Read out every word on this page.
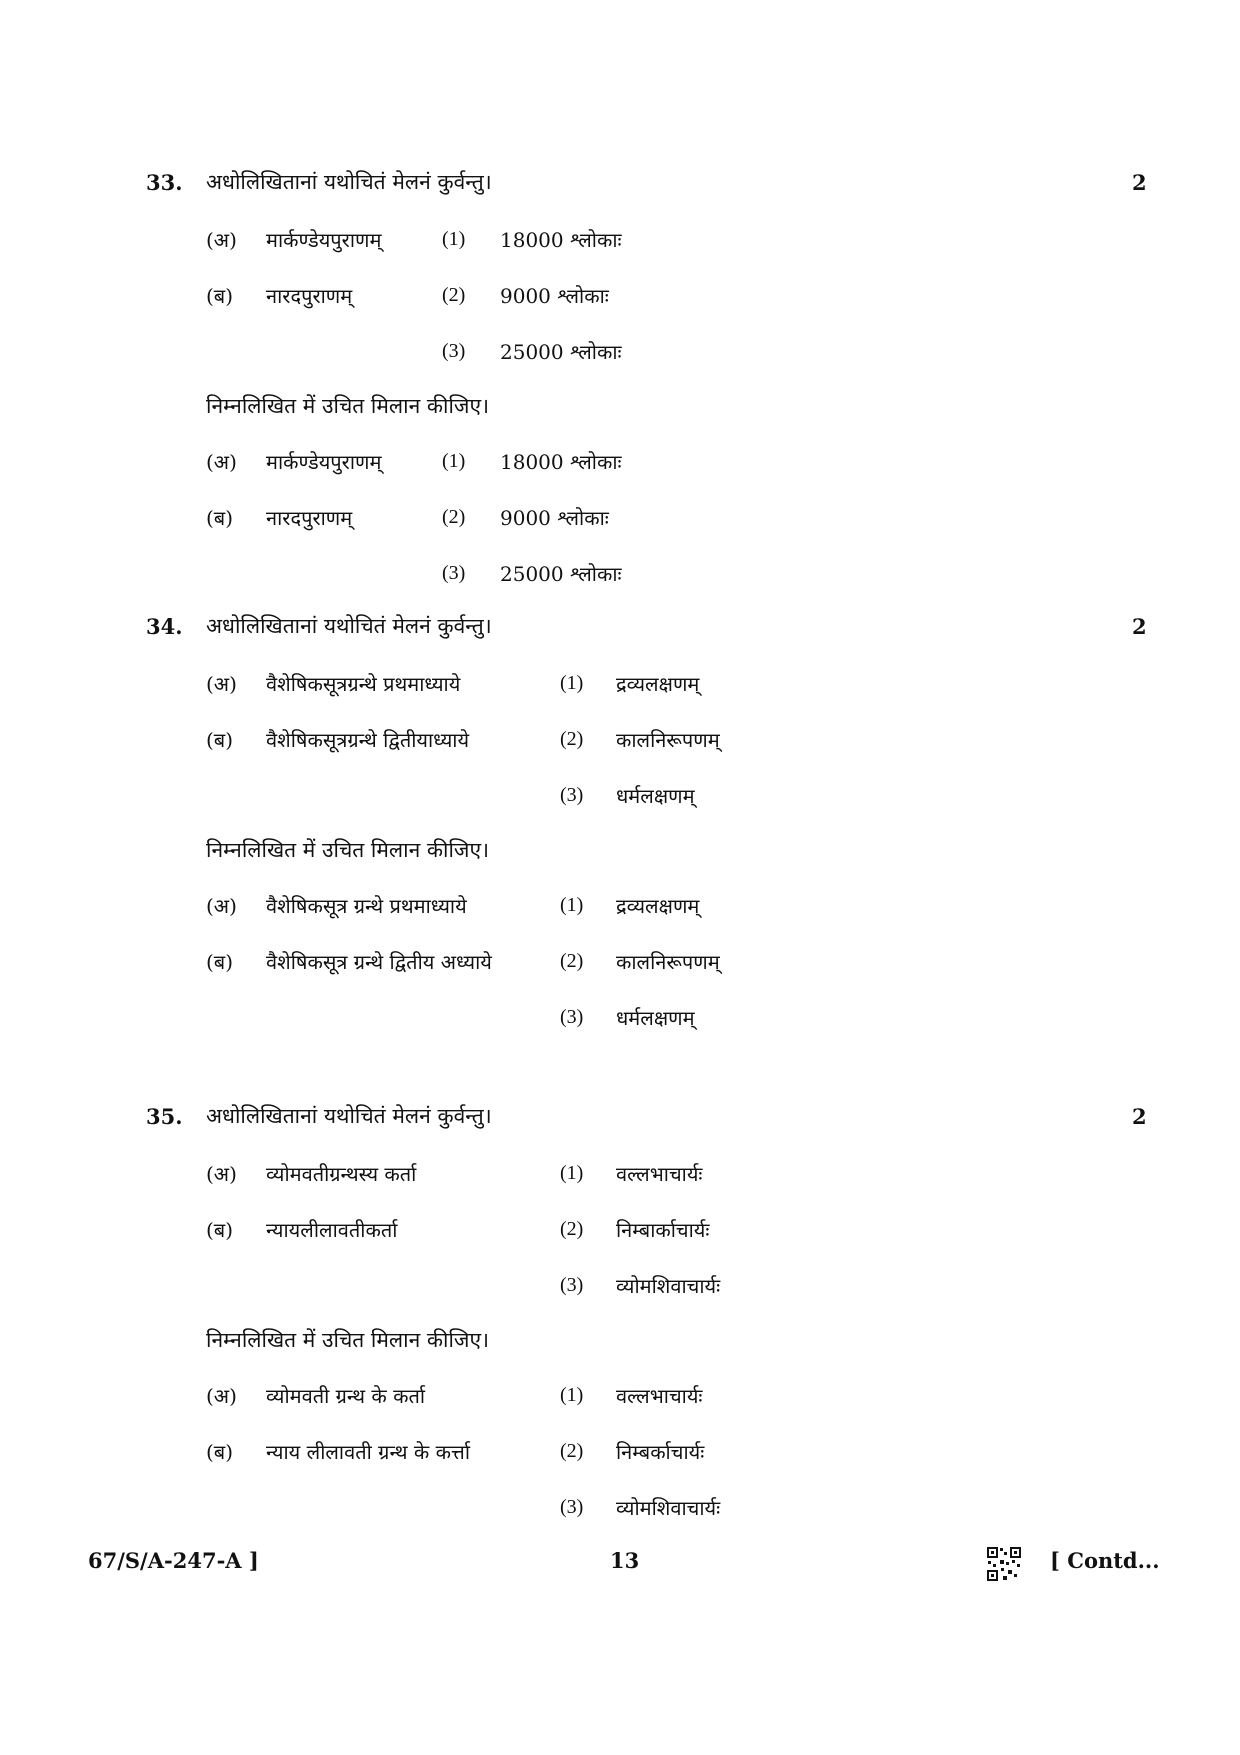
33. अधोलिखितानां यथोचितं मेलनं कुर्वन्तु।	2
(अ) मार्कण्डेयपुराणम्	(1) 18000 श्लोकाः
(ब) नारदपुराणम्	(2) 9000 श्लोकाः
(3) 25000 श्लोकाः
निम्नलिखित में उचित मिलान कीजिए।
(अ) मार्कण्डेयपुराणम्	(1) 18000 श्लोकाः
(ब) नारदपुराणम्	(2) 9000 श्लोकाः
(3) 25000 श्लोकाः
34. अधोलिखितानां यथोचितं मेलनं कुर्वन्तु।	2
(अ) वैशेषिकसूत्रग्रन्थे प्रथमाध्याये	(1) द्रव्यलक्षणम्
(ब) वैशेषिकसूत्रग्रन्थे द्वितीयाध्याये	(2) कालनिरूपणम्
(3) धर्मलक्षणम्
निम्नलिखित में उचित मिलान कीजिए।
(अ) वैशेषिकसूत्र ग्रन्थे प्रथमाध्याये	(1) द्रव्यलक्षणम्
(ब) वैशेषिकसूत्र ग्रन्थे द्वितीय अध्याये	(2) कालनिरूपणम्
(3) धर्मलक्षणम्
35. अधोलिखितानां यथोचितं मेलनं कुर्वन्तु।	2
(अ) व्योमवतीग्रन्थस्य कर्ता	(1) वल्लभाचार्यः
(ब) न्यायलीलावतीकर्ता	(2) निम्बार्काचार्यः
(3) व्योमशिवाचार्यः
निम्नलिखित में उचित मिलान कीजिए।
(अ) व्योमवती ग्रन्थ के कर्ता	(1) वल्लभाचार्यः
(ब) न्याय लीलावती ग्रन्थ के कर्त्ता	(2) निम्बर्काचार्यः
(3) व्योमशिवाचार्यः
67/S/A-247-A ]	13	[ Contd...
